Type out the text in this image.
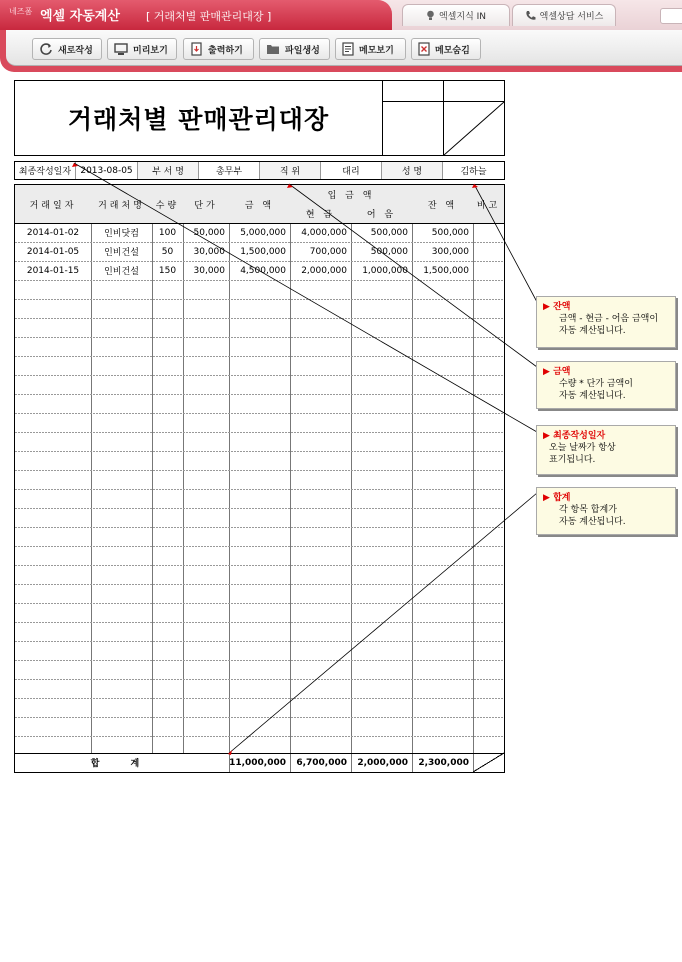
네즈폼 엑셀 자동계산 [ 거래처별 판매관리대장 ]	엑셀지식 IN	엑셀상담 서비스
새로작성	미리보기	출력하기	파일생성	메모보기	메모숨김
거래처별 판매관리대장
최종작성일자	2013-08-05	부 서 명	총무부	직 위	대리	성 명	김하늘
거래일자	거래처명	수량	단가	금 액
입 금 액
현 금	어 음
잔 액	비고
2014-01-02	인비닷컴	100	50,000	5,000,000	4,000,000	500,000	500,000
2014-01-05	인비건설	50	30,000	1,500,000	700,000	500,000	300,000
2014-01-15	인비건설	150	30,000	4,500,000	2,000,000	1,000,000	1,500,000
합 계	11,000,000	6,700,000	2,000,000	2,300,000
▶ 잔액
금액 - 현금 - 어음 금액이
자동 계산됩니다.
▶ 금액
수량 * 단가 금액이
자동 계산됩니다.
▶ 최종작성일자
오늘 날짜가 항상
표기됩니다.
▶ 합계
각 항목 합계가
자동 계산됩니다.
